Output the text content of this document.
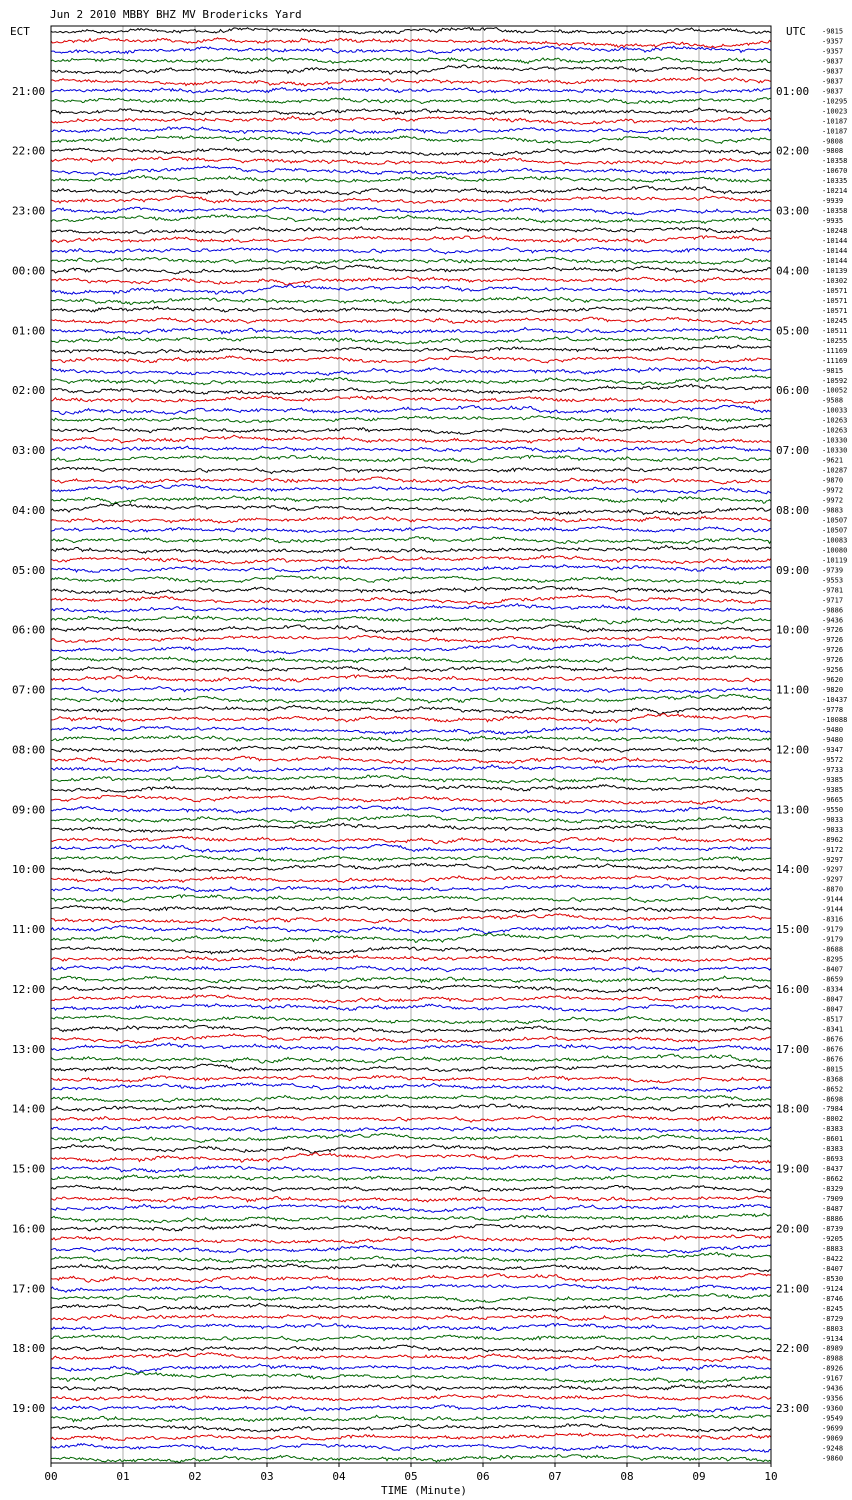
Jun 2 2010 MBBY BHZ MV Brodericks Yard
ECT	UTC
21:00
22:00
23:00
00:00
01:00
02:00
03:00
04:00
05:00
06:00
07:00
08:00
09:00
10:00
11:00
12:00
13:00
14:00
15:00
16:00
17:00
18:00
19:00
01:00
02:00
03:00
04:00
05:00
06:00
07:00
08:00
09:00
10:00
11:00
12:00
13:00
14:00
15:00
16:00
17:00
18:00
19:00
20:00
21:00
22:00
23:00
-9815
-9357
-9357
-9837
-9837
-9837
-9837
-10295
-10023
-10187
-10187
-9808
-9808
-10358
-10670
-10335
-10214
-9939
-10358
-9935
-10248
-10144
-10144
-10144
-10139
-10302
-10571
-10571
-10571
-10245
-10511
-10255
-11169
-11169
-9815
-10592
-10052
-9588
-10033
-10263
-10263
-10330
-10330
-9621
-10287
-9870
-9972
-9972
-9883
-10507
-10507
-10083
-10080
-10119
-9739
-9553
-9781
-9717
-9886
-9436
-9726
-9726
-9726
-9726
-9256
-9620
-9820
-10437
-9778
-10088
-9480
-9480
-9347
-9572
-9733
-9385
-9385
-9665
-9550
-9033
-9033
-8962
-9172
-9297
-9297
-9297
-8870
-9144
-9144
-8316
-9179
-9179
-8688
-8295
-8407
-8659
-8334
-8047
-8047
-8517
-8341
-8676
-8676
-8676
-8015
-8368
-8652
-8698
-7984
-8002
-8383
-8601
-8383
-8693
-8437
-8662
-8329
-7909
-8487
-8886
-8739
-9205
-8883
-8422
-8407
-8530
-9124
-8746
-8245
-8729
-8803
-9134
-8989
-8988
-8926
-9167
-9436
-9356
-9360
-9549
-9699
-9069
-9248
-9860
00	01	02	03	04	05	06	07	08	09	10
TIME (Minute)
